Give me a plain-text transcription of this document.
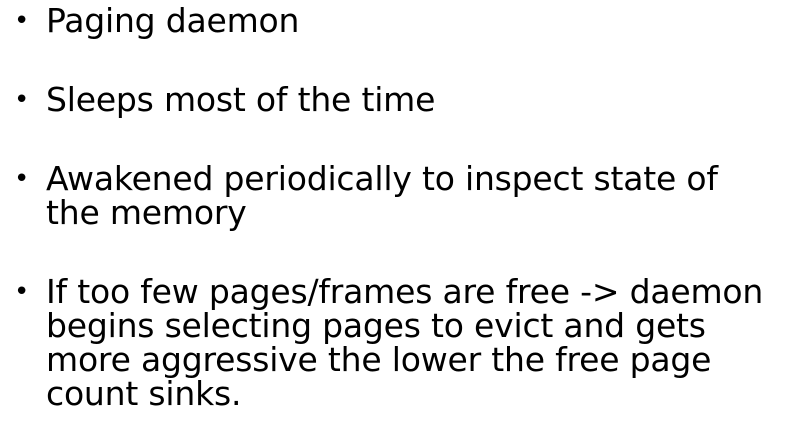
• Paging daemon
• Sleeps most of the time
• Awakened periodically to inspect state of the memory
• If too few pages/frames are free -> daemon begins selecting pages to evict and gets more aggressive the lower the free page count sinks.
